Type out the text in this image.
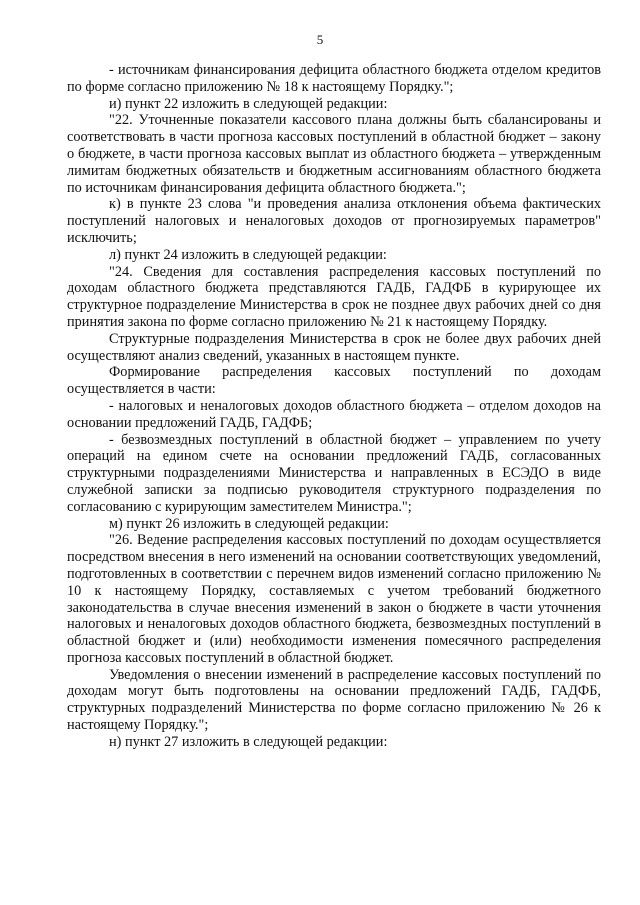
5

- источникам финансирования дефицита областного бюджета отделом кредитов по форме согласно приложению № 18 к настоящему Порядку.";

и) пункт 22 изложить в следующей редакции:

"22. Уточненные показатели кассового плана должны быть сбалансированы и соответствовать в части прогноза кассовых поступлений в областной бюджет – закону о бюджете, в части прогноза кассовых выплат из областного бюджета – утвержденным лимитам бюджетных обязательств и бюджетным ассигнованиям областного бюджета по источникам финансирования дефицита областного бюджета.";

к) в пункте 23 слова "и проведения анализа отклонения объема фактических поступлений налоговых и неналоговых доходов от прогнозируемых параметров" исключить;

л) пункт 24 изложить в следующей редакции:

"24. Сведения для составления распределения кассовых поступлений по доходам областного бюджета представляются ГАДБ, ГАДФБ в курирующее их структурное подразделение Министерства в срок не позднее двух рабочих дней со дня принятия закона по форме согласно приложению № 21 к настоящему Порядку.

Структурные подразделения Министерства в срок не более двух рабочих дней осуществляют анализ сведений, указанных в настоящем пункте.

Формирование распределения кассовых поступлений по доходам осуществляется в части:

- налоговых и неналоговых доходов областного бюджета – отделом доходов на основании предложений ГАДБ, ГАДФБ;

- безвозмездных поступлений в областной бюджет – управлением по учету операций на едином счете на основании предложений ГАДБ, согласованных структурными подразделениями Министерства и направленных в ЕСЭДО в виде служебной записки за подписью руководителя структурного подразделения по согласованию с курирующим заместителем Министра.";

м) пункт 26 изложить в следующей редакции:

"26. Ведение распределения кассовых поступлений по доходам осуществляется посредством внесения в него изменений на основании соответствующих уведомлений, подготовленных в соответствии с перечнем видов изменений согласно приложению № 10 к настоящему Порядку, составляемых с учетом требований бюджетного законодательства в случае внесения изменений в закон о бюджете в части уточнения налоговых и неналоговых доходов областного бюджета, безвозмездных поступлений в областной бюджет и (или) необходимости изменения помесячного распределения прогноза кассовых поступлений в областной бюджет.

Уведомления о внесении изменений в распределение кассовых поступлений по доходам могут быть подготовлены на основании предложений ГАДБ, ГАДФБ, структурных подразделений Министерства по форме согласно приложению № 26 к настоящему Порядку.";

н) пункт 27 изложить в следующей редакции:
